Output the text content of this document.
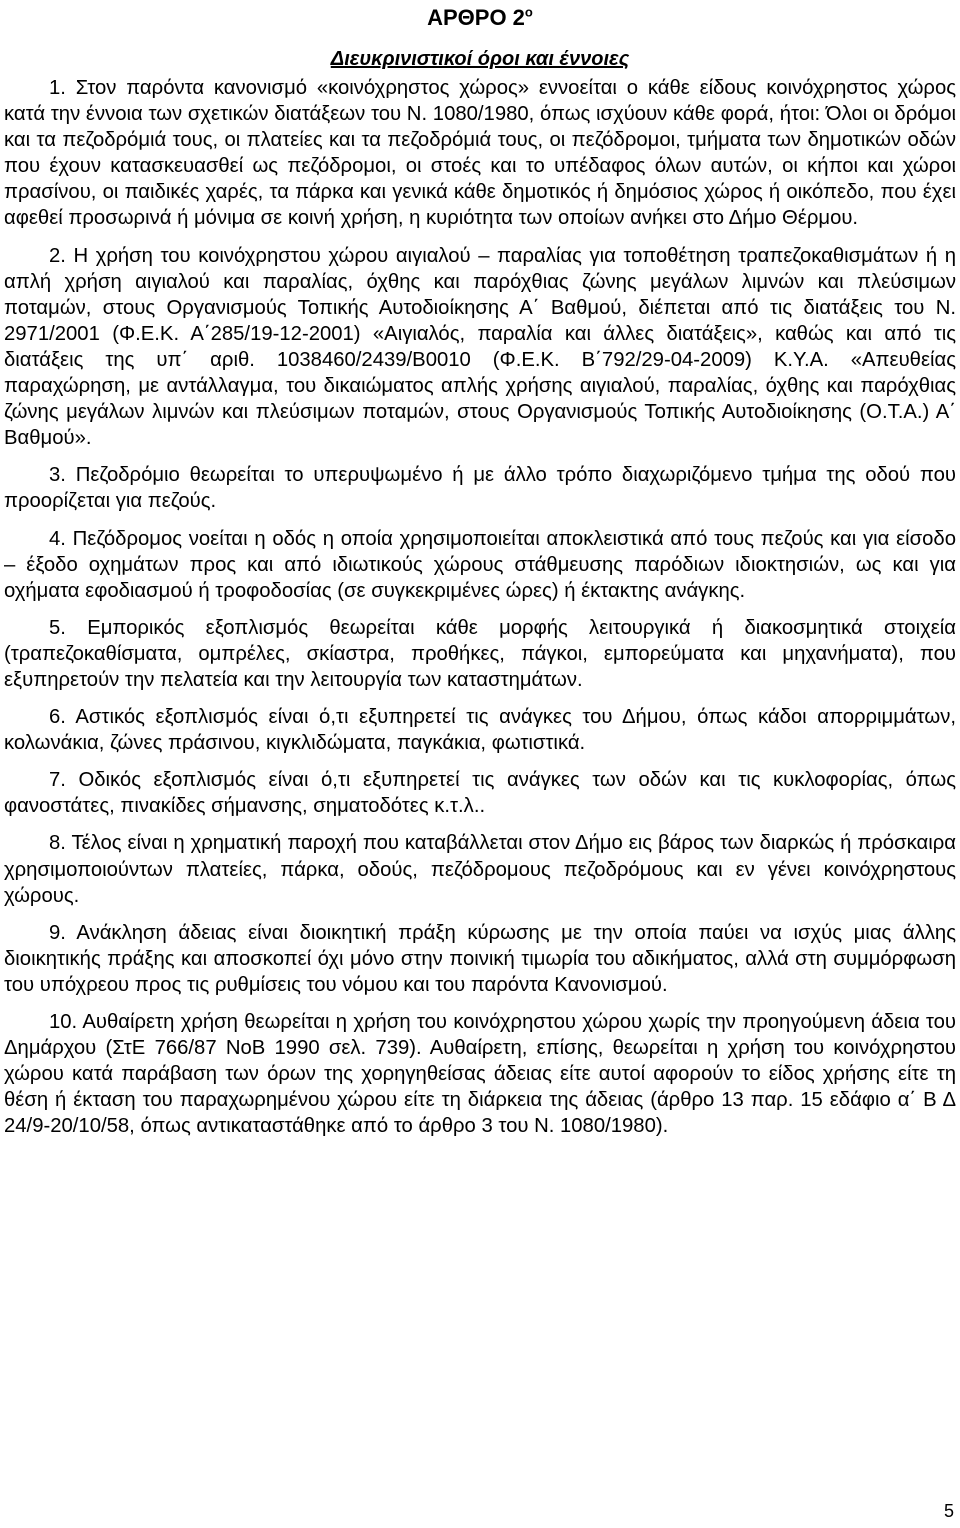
ΑΡΘΡΟ $2^o$

Διευκρινιστικοί όροι και έννοιες

1. Στον παρόντα κανονισμό «κοινόχρηστος χώρος» εννοείται ο κάθε είδους κοινόχρηστος χώρος κατά την έννοια των σχετικών διατάξεων του Ν. 1080/1980, όπως ισχύουν κάθε φορά, ήτοι: Όλοι οι δρόμοι και τα πεζοδρόμιά τους, οι πλατείες και τα πεζοδρόμιά τους, οι πεζόδρομοι, τμήματα των δημοτικών οδών που έχουν κατασκευασθεί ως πεζόδρομοι, οι στοές και το υπέδαφος όλων αυτών, οι κήποι και χώροι πρασίνου, οι παιδικές χαρές, τα πάρκα και γενικά κάθε δημοτικός ή δημόσιος χώρος ή οικόπεδο, που έχει αφεθεί προσωρινά ή μόνιμα σε κοινή χρήση, η κυριότητα των οποίων ανήκει στο Δήμο Θέρμου.

2. Η χρήση του κοινόχρηστου χώρου αιγιαλού – παραλίας για τοποθέτηση τραπεζοκαθισμάτων ή η απλή χρήση αιγιαλού και παραλίας, όχθης και παρόχθιας ζώνης μεγάλων λιμνών και πλεύσιμων ποταμών, στους Οργανισμούς Τοπικής Αυτοδιοίκησης Α΄ Βαθμού, διέπεται από τις διατάξεις του Ν. 2971/2001 (Φ.Ε.Κ. Α΄285/19-12-2001) «Αιγιαλός, παραλία και άλλες διατάξεις», καθώς και από τις διατάξεις της υπ΄ αριθ. 1038460/2439/Β0010 (Φ.Ε.Κ. Β΄792/29-04-2009) Κ.Υ.Α. «Απευθείας παραχώρηση, με αντάλλαγμα, του δικαιώματος απλής χρήσης αιγιαλού, παραλίας, όχθης και παρόχθιας ζώνης μεγάλων λιμνών και πλεύσιμων ποταμών, στους Οργανισμούς Τοπικής Αυτοδιοίκησης (Ο.Τ.Α.) Α΄ Βαθμού».

3. Πεζοδρόμιο θεωρείται το υπερυψωμένο ή με άλλο τρόπο διαχωριζόμενο τμήμα της οδού που προορίζεται για πεζούς.

4. Πεζόδρομος νοείται η οδός η οποία χρησιμοποιείται αποκλειστικά από τους πεζούς και για είσοδο – έξοδο οχημάτων προς και από ιδιωτικούς χώρους στάθμευσης παρόδιων ιδιοκτησιών, ως και για οχήματα εφοδιασμού ή τροφοδοσίας (σε συγκεκριμένες ώρες) ή έκτακτης ανάγκης.

5. Εμπορικός εξοπλισμός θεωρείται κάθε μορφής λειτουργικά ή διακοσμητικά στοιχεία (τραπεζοκαθίσματα, ομπρέλες, σκίαστρα, προθήκες, πάγκοι, εμπορεύματα και μηχανήματα), που εξυπηρετούν την πελατεία και την λειτουργία των καταστημάτων.

6. Αστικός εξοπλισμός είναι ό,τι εξυπηρετεί τις ανάγκες του Δήμου, όπως κάδοι απορριμμάτων, κολωνάκια, ζώνες πράσινου, κιγκλιδώματα, παγκάκια, φωτιστικά.

7. Οδικός εξοπλισμός είναι ό,τι εξυπηρετεί τις ανάγκες των οδών και τις κυκλοφορίας, όπως φανοστάτες, πινακίδες σήμανσης, σηματοδότες κ.τ.λ..

8. Τέλος είναι η χρηματική παροχή που καταβάλλεται στον Δήμο εις βάρος των διαρκώς ή πρόσκαιρα χρησιμοποιούντων πλατείες, πάρκα, οδούς, πεζόδρομους πεζοδρόμους και εν γένει κοινόχρηστους χώρους.

9. Ανάκληση άδειας είναι διοικητική πράξη κύρωσης με την οποία παύει να ισχύς μιας άλλης διοικητικής πράξης και αποσκοπεί όχι μόνο στην ποινική τιμωρία του αδικήματος, αλλά στη συμμόρφωση του υπόχρεου προς τις ρυθμίσεις του νόμου και του παρόντα Κανονισμού.

10. Αυθαίρετη χρήση θεωρείται η χρήση του κοινόχρηστου χώρου χωρίς την προηγούμενη άδεια του Δημάρχου (ΣτΕ 766/87 ΝοΒ 1990 σελ. 739). Αυθαίρετη, επίσης, θεωρείται η χρήση του κοινόχρηστου χώρου κατά παράβαση των όρων της χορηγηθείσας άδειας είτε αυτοί αφορούν το είδος χρήσης είτε τη θέση ή έκταση του παραχωρημένου χώρου είτε τη διάρκεια της άδειας (άρθρο 13 παρ. 15 εδάφιο α΄ Β Δ 24/9-20/10/58, όπως αντικαταστάθηκε από το άρθρο 3 του Ν. 1080/1980).

5
